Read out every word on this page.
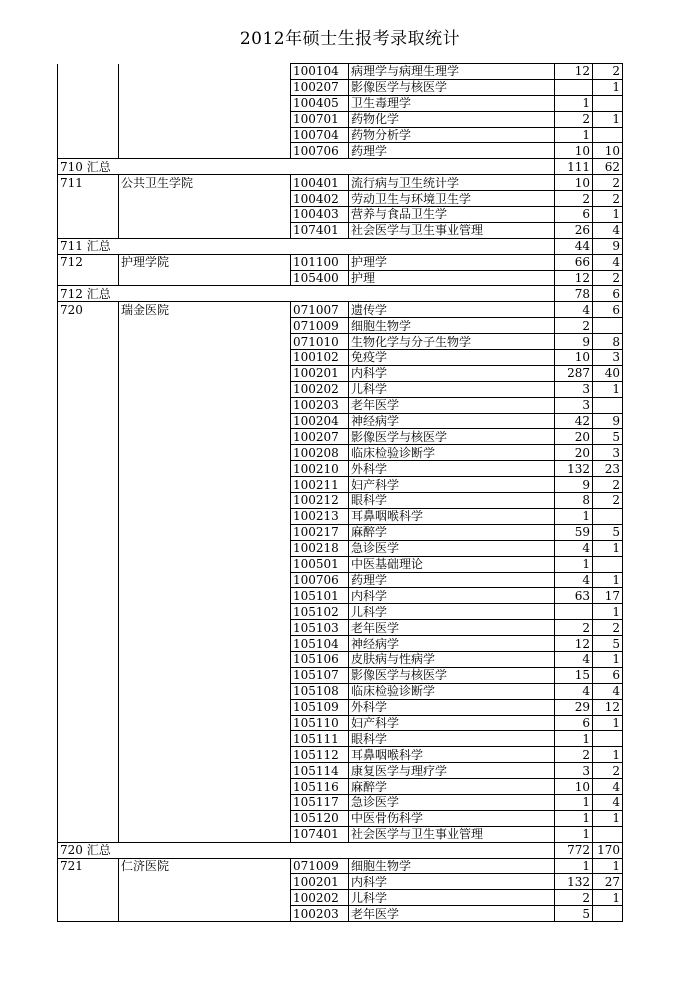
2012年硕士生报考录取统计
		100104	病理学与病理生理学	12	2
		100207	影像医学与核医学		1
		100405	卫生毒理学	1	
		100701	药物化学	2	1
		100704	药物分析学	1	
		100706	药理学	10	10
710 汇总				111	62
711	公共卫生学院	100401	流行病与卫生统计学	10	2
		100402	劳动卫生与环境卫生学	2	2
		100403	营养与食品卫生学	6	1
		107401	社会医学与卫生事业管理	26	4
711 汇总				44	9
712	护理学院	101100	护理学	66	4
		105400	护理	12	2
712 汇总				78	6
720	瑞金医院	071007	遗传学	4	6
		071009	细胞生物学	2	
		071010	生物化学与分子生物学	9	8
		100102	免疫学	10	3
		100201	内科学	287	40
		100202	儿科学	3	1
		100203	老年医学	3	
		100204	神经病学	42	9
		100207	影像医学与核医学	20	5
		100208	临床检验诊断学	20	3
		100210	外科学	132	23
		100211	妇产科学	9	2
		100212	眼科学	8	2
		100213	耳鼻咽喉科学	1	
		100217	麻醉学	59	5
		100218	急诊医学	4	1
		100501	中医基础理论	1	
		100706	药理学	4	1
		105101	内科学	63	17
		105102	儿科学		1
		105103	老年医学	2	2
		105104	神经病学	12	5
		105106	皮肤病与性病学	4	1
		105107	影像医学与核医学	15	6
		105108	临床检验诊断学	4	4
		105109	外科学	29	12
		105110	妇产科学	6	1
		105111	眼科学	1	
		105112	耳鼻咽喉科学	2	1
		105114	康复医学与理疗学	3	2
		105116	麻醉学	10	4
		105117	急诊医学	1	4
		105120	中医骨伤科学	1	1
		107401	社会医学与卫生事业管理	1	
720 汇总				772	170
721	仁济医院	071009	细胞生物学	1	1
		100201	内科学	132	27
		100202	儿科学	2	1
		100203	老年医学	5	
